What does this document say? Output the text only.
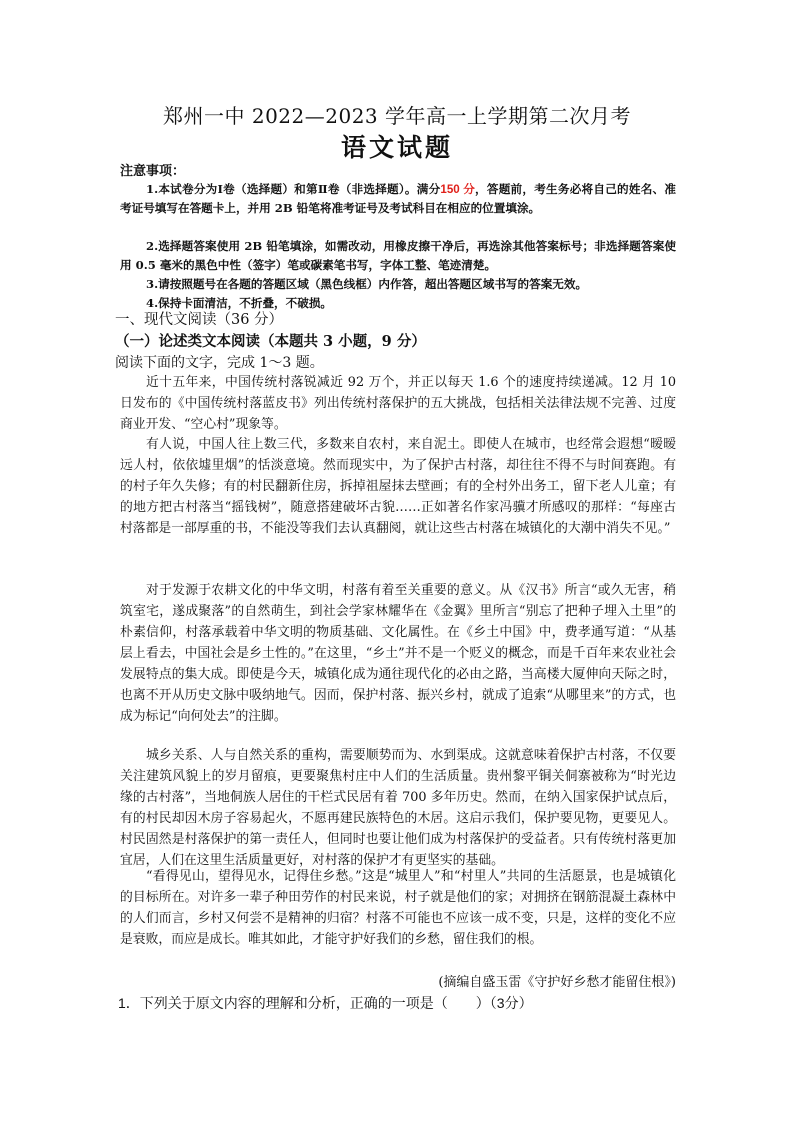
郑州一中 2022—2023 学年高一上学期第二次月考
语文试题
注意事项：
1.本试卷分为Ⅰ卷（选择题）和第Ⅱ卷（非选择题）。满分150 分，答题前，考生务必将自己的姓名、准考证号填写在答题卡上，并用 2B 铅笔将准考证号及考试科目在相应的位置填涂。
2.选择题答案使用 2B 铅笔填涂，如需改动，用橡皮擦干净后，再选涂其他答案标号；非选择题答案使用 0.5 毫米的黑色中性（签字）笔或碳素笔书写，字体工整、笔迹清楚。
3.请按照题号在各题的答题区域（黑色线框）内作答，超出答题区域书写的答案无效。
4.保持卡面清洁，不折叠，不破损。
一、现代文阅读（36 分）
（一）论述类文本阅读（本题共 3 小题，9 分）
阅读下面的文字，完成 1～3 题。

近十五年来，中国传统村落锐减近 92 万个，并正以每天 1.6 个的速度持续递减。12 月 10 日发布的《中国传统村落蓝皮书》列出传统村落保护的五大挑战，包括相关法律法规不完善、过度商业开发、“空心村”现象等。

有人说，中国人往上数三代，多数来自农村，来自泥土。即使人在城市，也经常会遐想“暧暧远人村，依依墟里烟”的恬淡意境。然而现实中，为了保护古村落，却往往不得不与时间赛跑。有的村子年久失修；有的村民翻新住房，拆掉祖屋抹去壁画；有的全村外出务工，留下老人儿童；有的地方把古村落当“摇钱树”，随意搭建破坏古貌……正如著名作家冯骥才所感叹的那样：“每座古村落都是一部厚重的书，不能没等我们去认真翻阅，就让这些古村落在城镇化的大潮中消失不见。”

对于发源于农耕文化的中华文明，村落有着至关重要的意义。从《汉书》所言“或久无害，稍筑室宅，遂成聚落”的自然萌生，到社会学家林耀华在《金翼》里所言“别忘了把种子埋入土里”的朴素信仰，村落承载着中华文明的物质基础、文化属性。在《乡土中国》中，费孝通写道：“从基层上看去，中国社会是乡土性的。”在这里，“乡土”并不是一个贬义的概念，而是千百年来农业社会发展特点的集大成。即使是今天，城镇化成为通往现代化的必由之路，当高楼大厦伸向天际之时，也离不开从历史文脉中吸纳地气。因而，保护村落、振兴乡村，就成了追索“从哪里来”的方式，也成为标记“向何处去”的注脚。

城乡关系、人与自然关系的重构，需要顺势而为、水到渠成。这就意味着保护古村落，不仅要关注建筑风貌上的岁月留痕，更要聚焦村庄中人们的生活质量。贵州黎平铜关侗寨被称为“时光边缘的古村落”，当地侗族人居住的干栏式民居有着 700 多年历史。然而，在纳入国家保护试点后，有的村民却因木房子容易起火，不愿再建民族特色的木居。这启示我们，保护要见物，更要见人。村民固然是村落保护的第一责任人，但同时也要让他们成为村落保护的受益者。只有传统村落更加宜居，人们在这里生活质量更好，对村落的保护才有更坚实的基础。

“看得见山，望得见水，记得住乡愁。”这是“城里人”和“村里人”共同的生活愿景，也是城镇化的目标所在。对许多一辈子种田劳作的村民来说，村子就是他们的家；对拥挤在钢筋混凝土森林中的人们而言，乡村又何尝不是精神的归宿？村落不可能也不应该一成不变，只是，这样的变化不应是衰败，而应是成长。唯其如此，才能守护好我们的乡愁，留住我们的根。

(摘编自盛玉雷《守护好乡愁才能留住根》)
1．下列关于原文内容的理解和分析，正确的一项是（　　）（3分）
